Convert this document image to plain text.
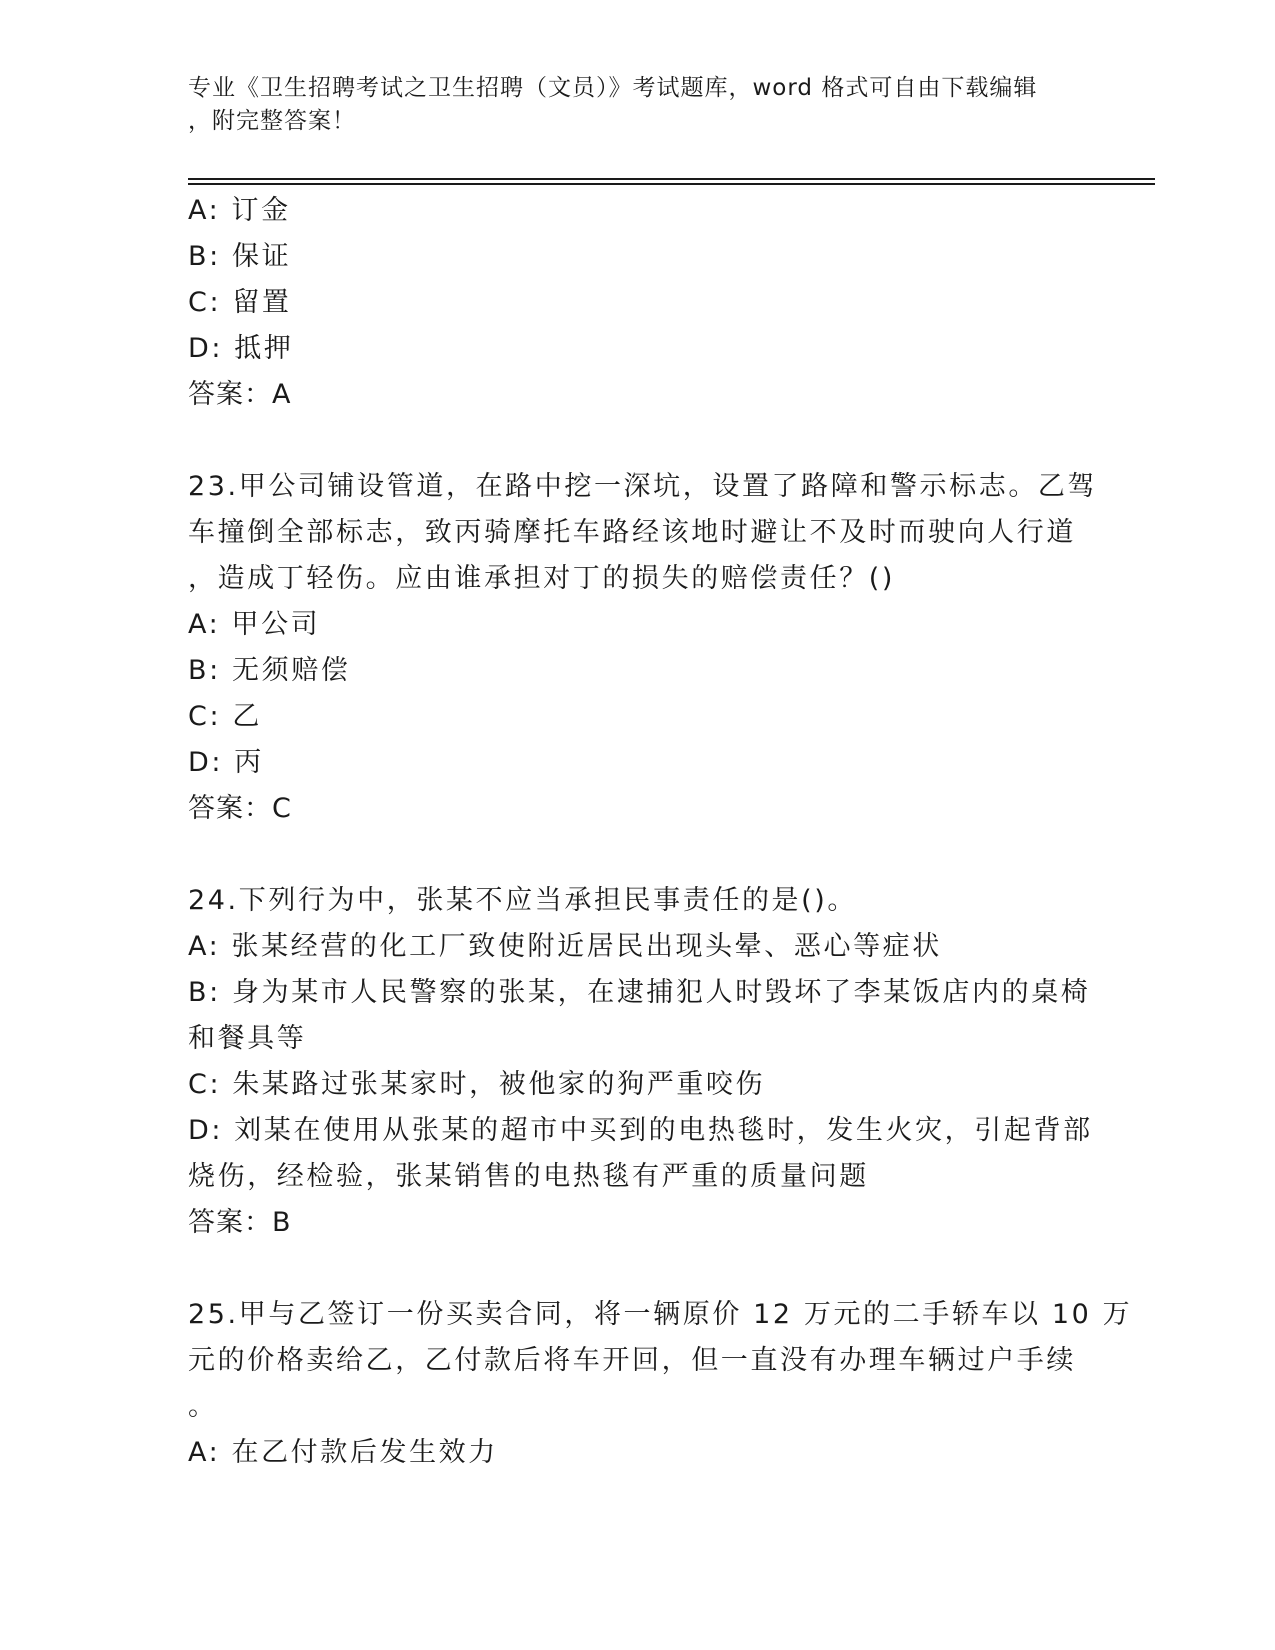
专业《卫生招聘考试之卫生招聘（文员）》考试题库，word 格式可自由下载编辑
，附完整答案！
A: 订金
B: 保证
C: 留置
D: 抵押
答案：A
23.甲公司铺设管道，在路中挖一深坑，设置了路障和警示标志。乙驾
车撞倒全部标志，致丙骑摩托车路经该地时避让不及时而驶向人行道
，造成丁轻伤。应由谁承担对丁的损失的赔偿责任？()
A: 甲公司
B: 无须赔偿
C: 乙
D: 丙
答案：C
24.下列行为中，张某不应当承担民事责任的是()。
A: 张某经营的化工厂致使附近居民出现头晕、恶心等症状
B: 身为某市人民警察的张某，在逮捕犯人时毁坏了李某饭店内的桌椅
和餐具等
C: 朱某路过张某家时，被他家的狗严重咬伤
D: 刘某在使用从张某的超市中买到的电热毯时，发生火灾，引起背部
烧伤，经检验，张某销售的电热毯有严重的质量问题
答案：B
25.甲与乙签订一份买卖合同，将一辆原价 12 万元的二手轿车以 10 万
元的价格卖给乙，乙付款后将车开回，但一直没有办理车辆过户手续
。
A: 在乙付款后发生效力
